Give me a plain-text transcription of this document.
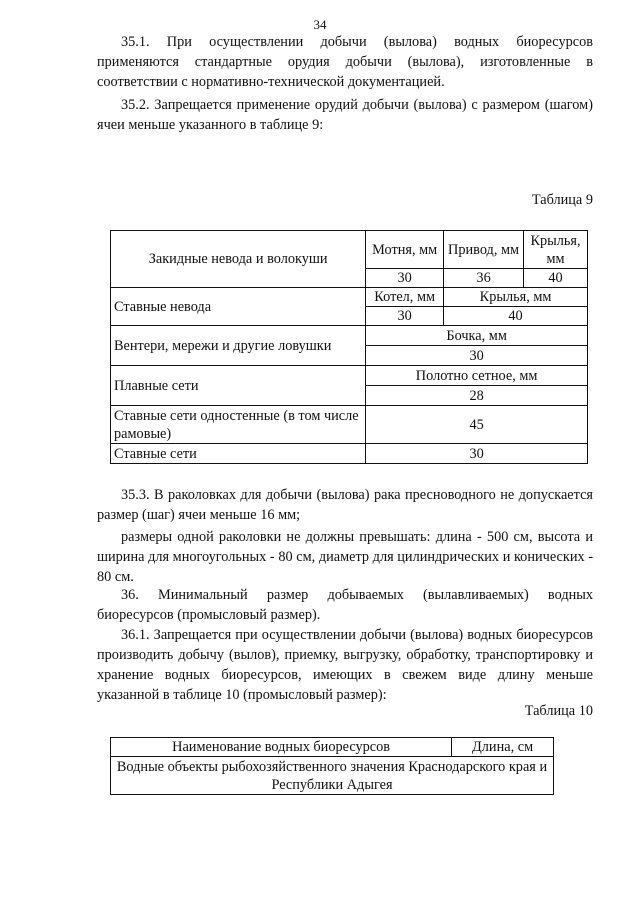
34

35.1. При осуществлении добычи (вылова) водных биоресурсов применяются стандартные орудия добычи (вылова), изготовленные в соответствии с нормативно-технической документацией.

35.2. Запрещается применение орудий добычи (вылова) с размером (шагом) ячеи меньше указанного в таблице 9:

Таблица 9
Закидные невода и волокуши	Мотня, мм	Привод, мм	Крылья, мм
	30	36	40
Ставные невода	Котел, мм	Крылья, мм	
	30	40	
Вентери, мережи и другие ловушки	Бочка, мм		
	30		
Плавные сети	Полотно сетное, мм		
	28		
Ставные сети одностенные (в том числе рамовые)	45		
Ставные сети	30		

35.3. В раколовках для добычи (вылова) рака пресноводного не допускается размер (шаг) ячеи меньше 16 мм;

размеры одной раколовки не должны превышать: длина - 500 см, высота и ширина для многоугольных - 80 см, диаметр для цилиндрических и конических - 80 см.

36. Минимальный размер добываемых (вылавливаемых) водных биоресурсов (промысловый размер).

36.1. Запрещается при осуществлении добычи (вылова) водных биоресурсов производить добычу (вылов), приемку, выгрузку, обработку, транспортировку и хранение водных биоресурсов, имеющих в свежем виде длину меньше указанной в таблице 10 (промысловый размер):

Таблица 10
Наименование водных биоресурсов	Длина, см
Водные объекты рыбохозяйственного значения Краснодарского края и Республики Адыгея
